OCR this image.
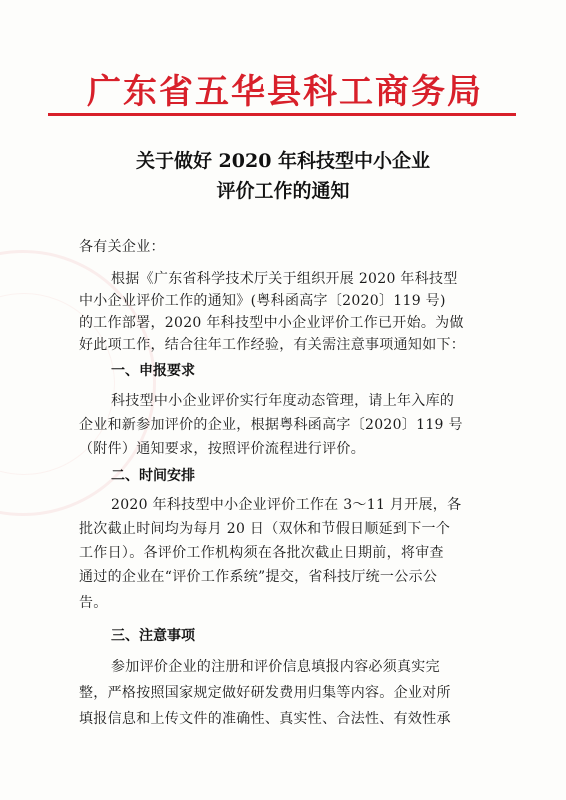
广东省五华县科工商务局
关于做好 2020 年科技型中小企业
评价工作的通知
各有关企业：
根据《广东省科学技术厅关于组织开展 2020 年科技型
中小企业评价工作的通知》(粤科函高字〔2020〕119 号)
的工作部署，2020 年科技型中小企业评价工作已开始。为做
好此项工作，结合往年工作经验，有关需注意事项通知如下：
一、申报要求
科技型中小企业评价实行年度动态管理，请上年入库的
企业和新参加评价的企业，根据粤科函高字〔2020〕119 号
（附件）通知要求，按照评价流程进行评价。
二、时间安排
2020 年科技型中小企业评价工作在 3～11 月开展，各
批次截止时间均为每月 20 日（双休和节假日顺延到下一个
工作日）。各评价工作机构须在各批次截止日期前，将审查
通过的企业在“评价工作系统”提交，省科技厅统一公示公
告。
三、注意事项
参加评价企业的注册和评价信息填报内容必须真实完
整，严格按照国家规定做好研发费用归集等内容。企业对所
填报信息和上传文件的准确性、真实性、合法性、有效性承
